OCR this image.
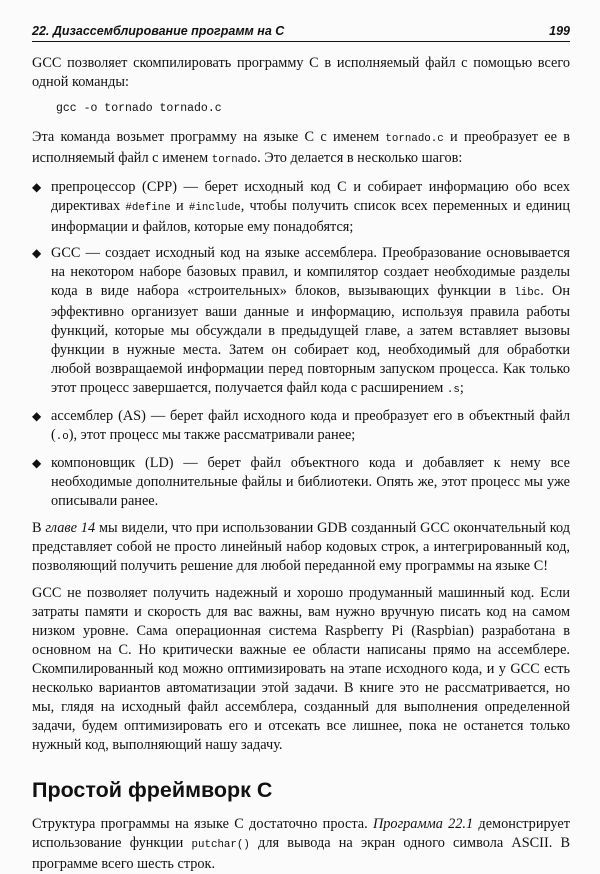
22. Дизассемблирование программ на С	199

GCC позволяет скомпилировать программу С в исполняемый файл с помощью всего одной команды:

gcc -o tornado tornado.c

Эта команда возьмет программу на языке С с именем tornado.c и преобразует ее в исполняемый файл с именем tornado. Это делается в несколько шагов:

◆ препроцессор (CPP) — берет исходный код С и собирает информацию обо всех директивах #define и #include, чтобы получить список всех переменных и единиц информации и файлов, которые ему понадобятся;
◆ GCC — создает исходный код на языке ассемблера. Преобразование основывается на некотором наборе базовых правил, и компилятор создает необходимые разделы кода в виде набора «строительных» блоков, вызывающих функции в libc. Он эффективно организует ваши данные и информацию, используя правила работы функций, которые мы обсуждали в предыдущей главе, а затем вставляет вызовы функции в нужные места. Затем он собирает код, необходимый для обработки любой возвращаемой информации перед повторным запуском процесса. Как только этот процесс завершается, получается файл кода с расширением .s;
◆ ассемблер (AS) — берет файл исходного кода и преобразует его в объектный файл (.o), этот процесс мы также рассматривали ранее;
◆ компоновщик (LD) — берет файл объектного кода и добавляет к нему все необходимые дополнительные файлы и библиотеки. Опять же, этот процесс мы уже описывали ранее.

В главе 14 мы видели, что при использовании GDB созданный GCC окончательный код представляет собой не просто линейный набор кодовых строк, а интегрированный код, позволяющий получить решение для любой переданной ему программы на языке С!

GCC не позволяет получить надежный и хорошо продуманный машинный код. Если затраты памяти и скорость для вас важны, вам нужно вручную писать код на самом низком уровне. Сама операционная система Raspberry Pi (Raspbian) разработана в основном на С. Но критически важные ее области написаны прямо на ассемблере. Скомпилированный код можно оптимизировать на этапе исходного кода, и у GCC есть несколько вариантов автоматизации этой задачи. В книге это не рассматривается, но мы, глядя на исходный файл ассемблера, созданный для выполнения определенной задачи, будем оптимизировать его и отсекать все лишнее, пока не останется только нужный код, выполняющий нашу задачу.

Простой фреймворк С

Структура программы на языке С достаточно проста. Программа 22.1 демонстрирует использование функции putchar() для вывода на экран одного символа ASCII. В программе всего шесть строк.
